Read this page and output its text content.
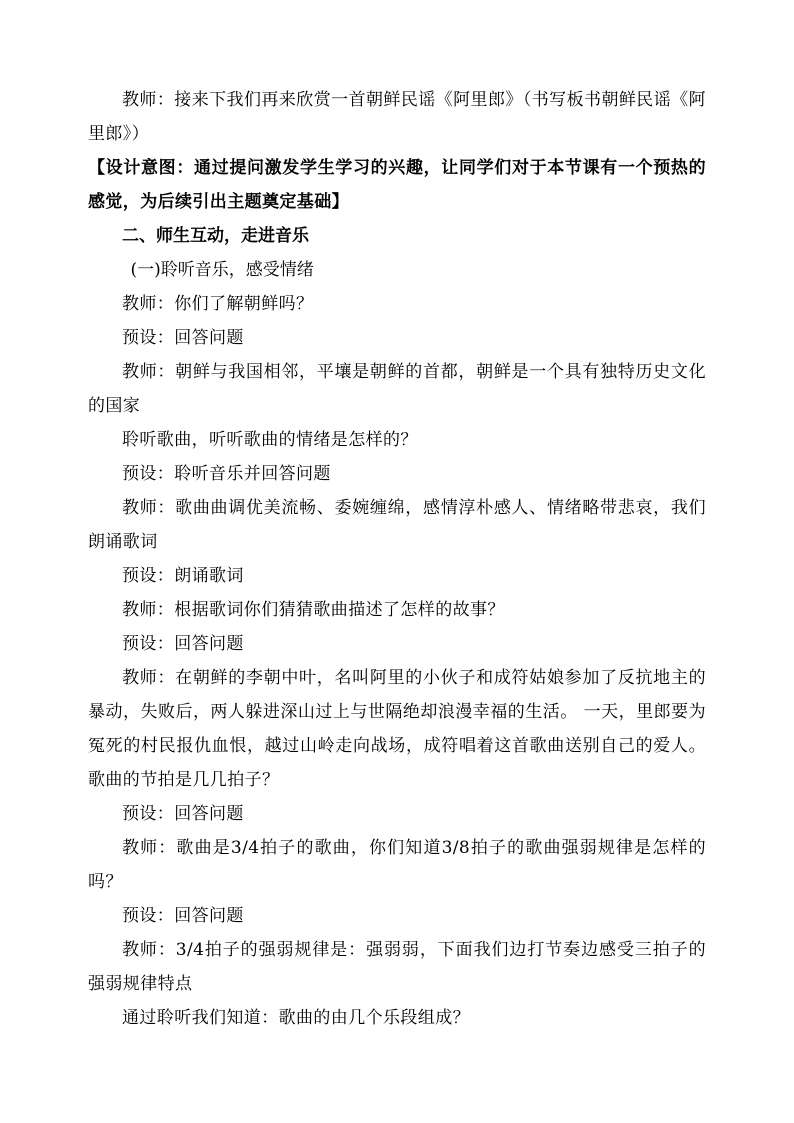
教师：接来下我们再来欣赏一首朝鲜民谣《阿里郎》（书写板书朝鲜民谣《阿里郎》）

【设计意图：通过提问激发学生学习的兴趣，让同学们对于本节课有一个预热的感觉，为后续引出主题奠定基础】

二、师生互动，走进音乐

(一)聆听音乐，感受情绪

教师：你们了解朝鲜吗？

预设：回答问题

教师：朝鲜与我国相邻，平壤是朝鲜的首都，朝鲜是一个具有独特历史文化的国家

聆听歌曲，听听歌曲的情绪是怎样的？

预设：聆听音乐并回答问题

教师：歌曲曲调优美流畅、委婉缠绵，感情淳朴感人、情绪略带悲哀，我们朗诵歌词

预设：朗诵歌词

教师：根据歌词你们猜猜歌曲描述了怎样的故事？

预设：回答问题

教师：在朝鲜的李朝中叶，名叫阿里的小伙子和成符姑娘参加了反抗地主的暴动，失败后，两人躲进深山过上与世隔绝却浪漫幸福的生活。 一天，里郎要为冤死的村民报仇血恨，越过山岭走向战场，成符唱着这首歌曲送别自己的爱人。 歌曲的节拍是几几拍子？

预设：回答问题

教师：歌曲是3/4拍子的歌曲，你们知道3/8拍子的歌曲强弱规律是怎样的吗？

预设：回答问题

教师：3/4拍子的强弱规律是：强弱弱，下面我们边打节奏边感受三拍子的强弱规律特点

通过聆听我们知道：歌曲的由几个乐段组成？
